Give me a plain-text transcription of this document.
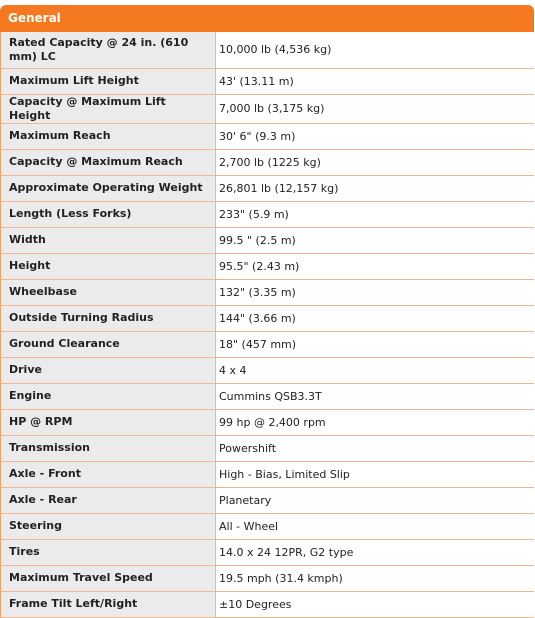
General
Rated Capacity @ 24 in. (610 mm) LC	10,000 lb (4,536 kg)
Maximum Lift Height	43' (13.11 m)
Capacity @ Maximum Lift Height	7,000 lb (3,175 kg)
Maximum Reach	30' 6" (9.3 m)
Capacity @ Maximum Reach	2,700 lb (1225 kg)
Approximate Operating Weight	26,801 lb (12,157 kg)
Length (Less Forks)	233" (5.9 m)
Width	99.5 " (2.5 m)
Height	95.5" (2.43 m)
Wheelbase	132" (3.35 m)
Outside Turning Radius	144" (3.66 m)
Ground Clearance	18" (457 mm)
Drive	4 x 4
Engine	Cummins QSB3.3T
HP @ RPM	99 hp @ 2,400 rpm
Transmission	Powershift
Axle - Front	High - Bias, Limited Slip
Axle - Rear	Planetary
Steering	All - Wheel
Tires	14.0 x 24 12PR, G2 type
Maximum Travel Speed	19.5 mph (31.4 kmph)
Frame Tilt Left/Right	±10 Degrees
